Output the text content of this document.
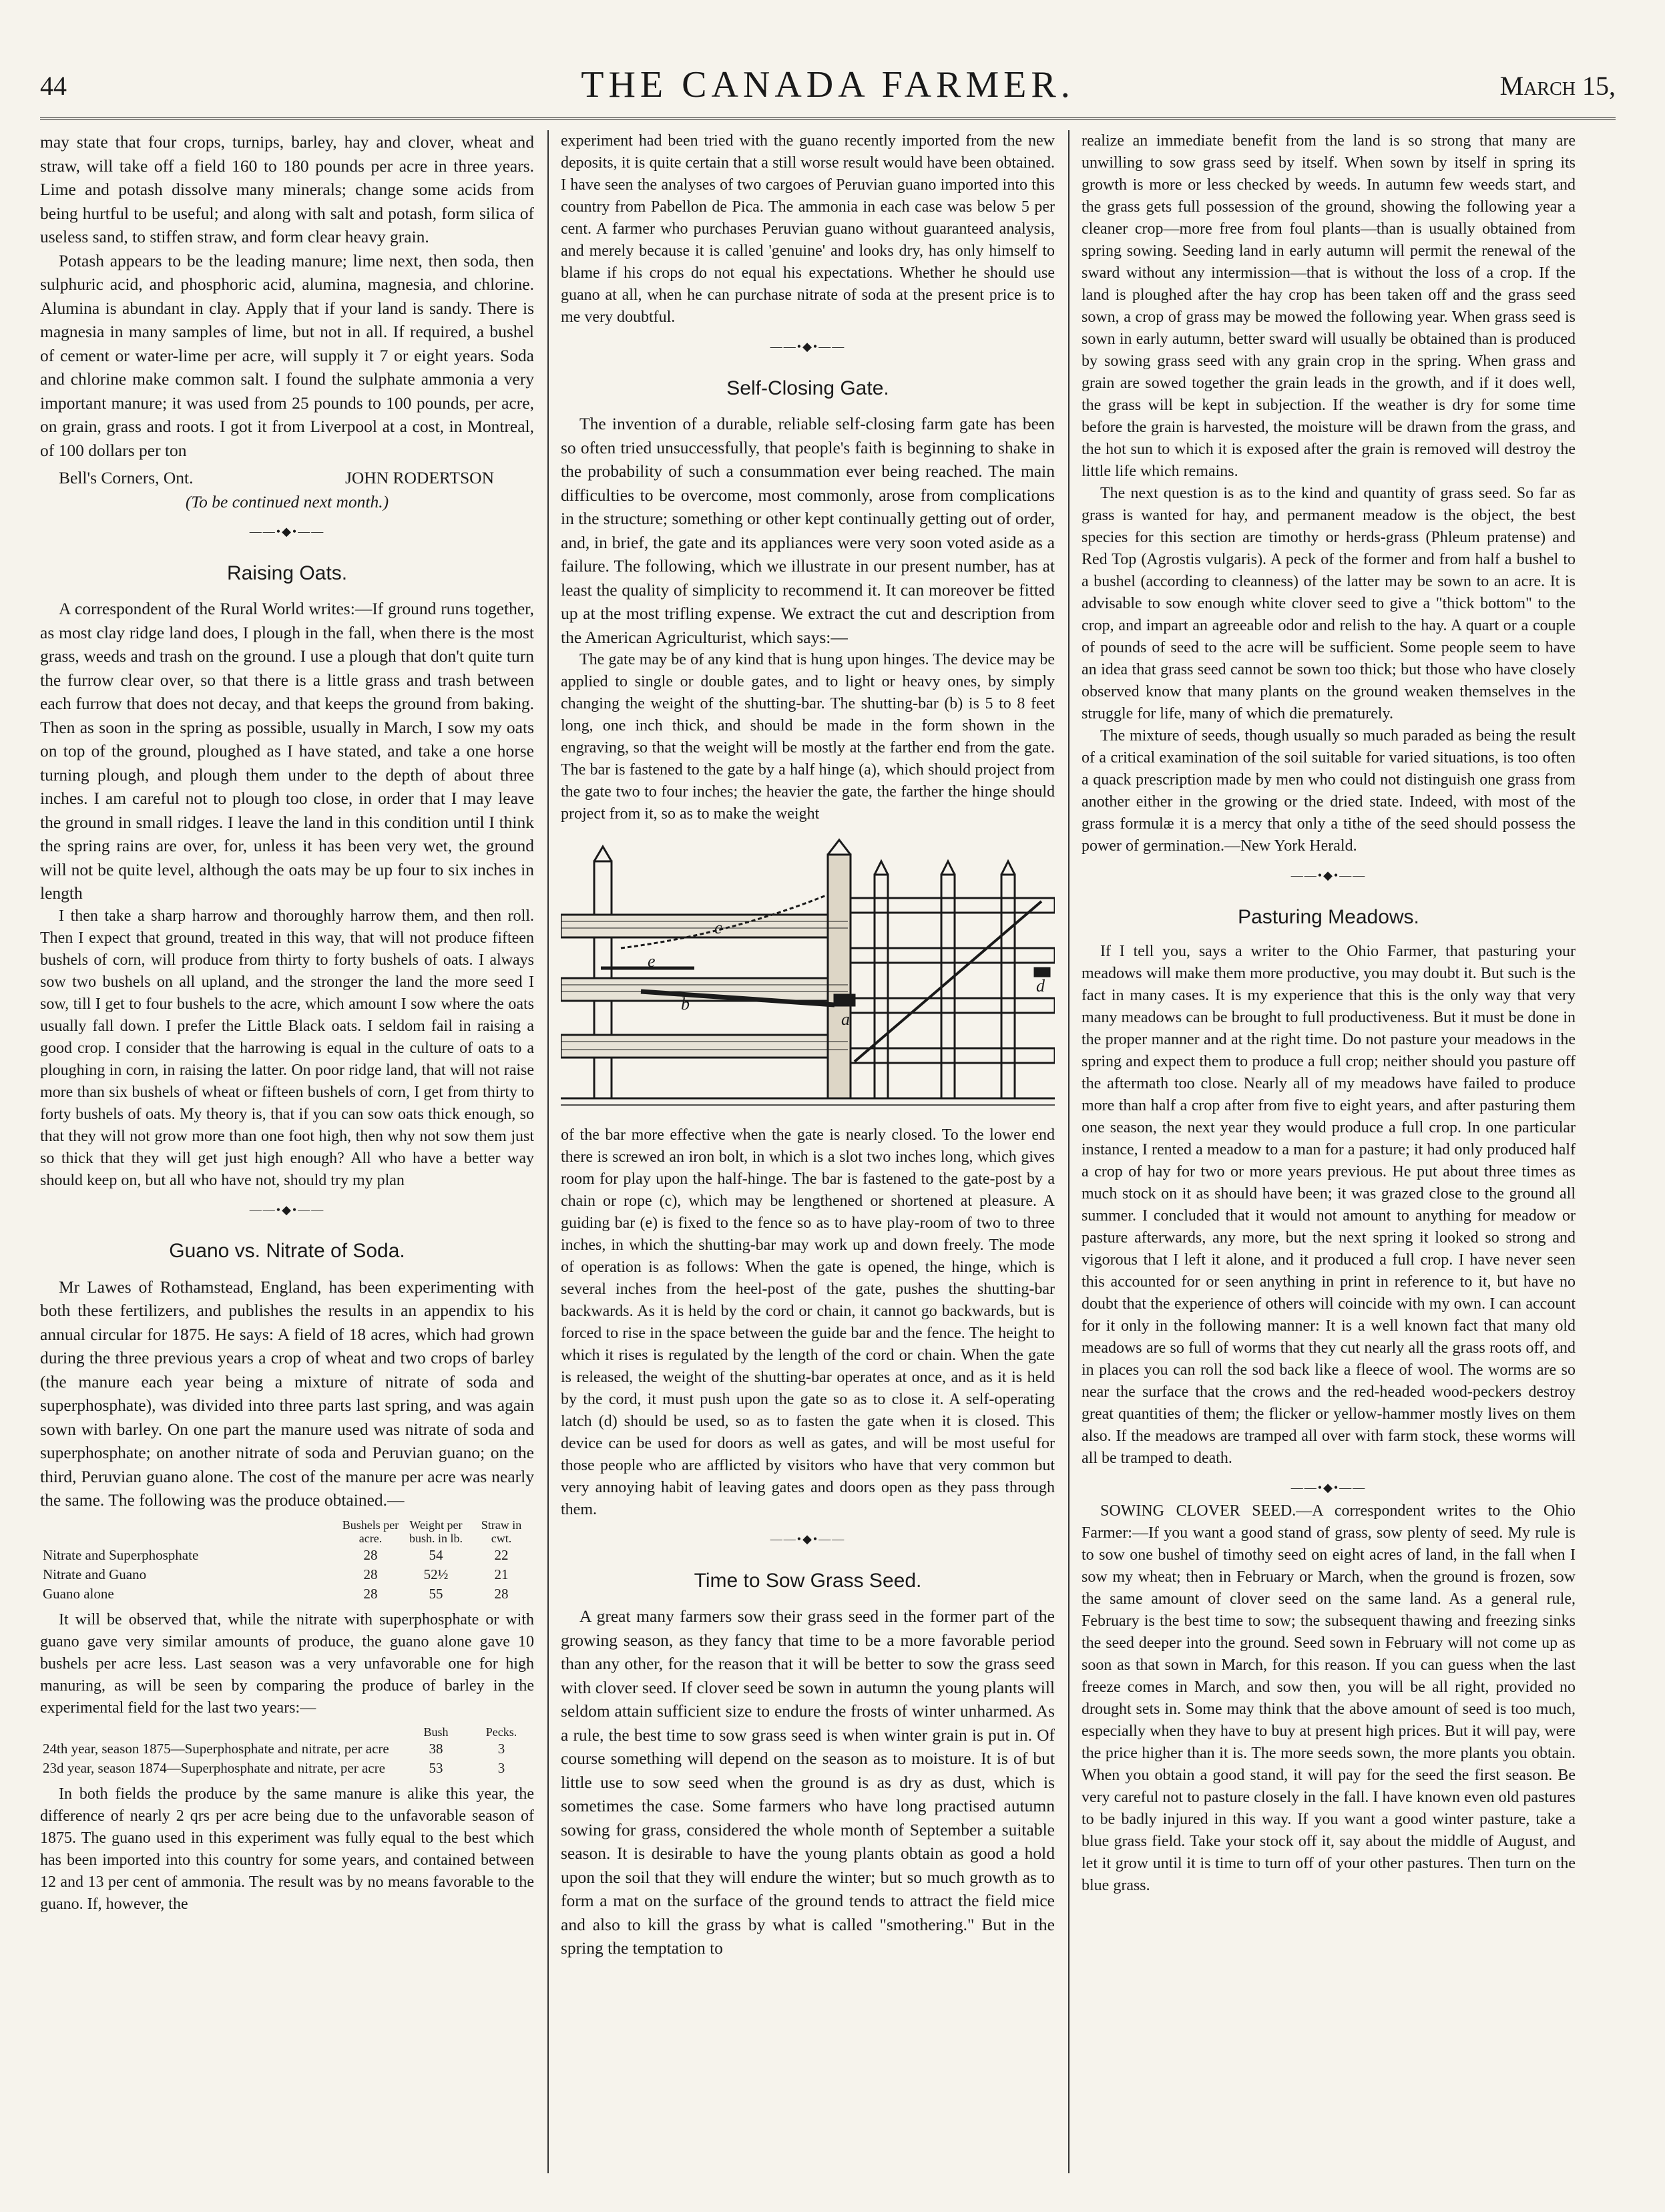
44	THE CANADA FARMER.	March 15,

may state that four crops, turnips, barley, hay and clover, wheat and straw, will take off a field 160 to 180 pounds per acre in three years. Lime and potash dissolve many minerals; change some acids from being hurtful to be useful; and along with salt and potash, form silica of useless sand, to stiffen straw, and form clear heavy grain.

Potash appears to be the leading manure; lime next, then soda, then sulphuric acid, and phosphoric acid, alumina, magnesia, and chlorine. Alumina is abundant in clay. Apply that if your land is sandy. There is magnesia in many samples of lime, but not in all. If required, a bushel of cement or water-lime per acre, will supply it 7 or eight years. Soda and chlorine make common salt. I found the sulphate ammonia a very important manure; it was used from 25 pounds to 100 pounds, per acre, on grain, grass and roots. I got it from Liverpool at a cost, in Montreal, of 100 dollars per ton

Bell's Corners, Ont.	JOHN RODERTSON
(To be continued next month.)
——•◆•——
Raising Oats.

A correspondent of the Rural World writes:—If ground runs together, as most clay ridge land does, I plough in the fall, when there is the most grass, weeds and trash on the ground. I use a plough that don't quite turn the furrow clear over, so that there is a little grass and trash between each furrow that does not decay, and that keeps the ground from baking. Then as soon in the spring as possible, usually in March, I sow my oats on top of the ground, ploughed as I have stated, and take a one horse turning plough, and plough them under to the depth of about three inches. I am careful not to plough too close, in order that I may leave the ground in small ridges. I leave the land in this condition until I think the spring rains are over, for, unless it has been very wet, the ground will not be quite level, although the oats may be up four to six inches in length

I then take a sharp harrow and thoroughly harrow them, and then roll. Then I expect that ground, treated in this way, that will not produce fifteen bushels of corn, will produce from thirty to forty bushels of oats. I always sow two bushels on all upland, and the stronger the land the more seed I sow, till I get to four bushels to the acre, which amount I sow where the oats usually fall down. I prefer the Little Black oats. I seldom fail in raising a good crop. I consider that the harrowing is equal in the culture of oats to a ploughing in corn, in raising the latter. On poor ridge land, that will not raise more than six bushels of wheat or fifteen bushels of corn, I get from thirty to forty bushels of oats. My theory is, that if you can sow oats thick enough, so that they will not grow more than one foot high, then why not sow them just so thick that they will get just high enough? All who have a better way should keep on, but all who have not, should try my plan

——•◆•——
Guano vs. Nitrate of Soda.

Mr Lawes of Rothamstead, England, has been experimenting with both these fertilizers, and publishes the results in an appendix to his annual circular for 1875. He says: A field of 18 acres, which had grown during the three previous years a crop of wheat and two crops of barley (the manure each year being a mixture of nitrate of soda and superphosphate), was divided into three parts last spring, and was again sown with barley. On one part the manure used was nitrate of soda and superphosphate; on another nitrate of soda and Peruvian guano; on the third, Peruvian guano alone. The cost of the manure per acre was nearly the same. The following was the produce obtained.—

	Bushels per acre.	Weight per bush. in lb.	Straw in cwt.
Nitrate and Superphosphate	28	54	22
Nitrate and Guano	28	52½	21
Guano alone	28	55	28

It will be observed that, while the nitrate with superphosphate or with guano gave very similar amounts of produce, the guano alone gave 10 bushels per acre less. Last season was a very unfavorable one for high manuring, as will be seen by comparing the produce of barley in the experimental field for the last two years:—

	Bush	Pecks.
24th year, season 1875—Superphosphate and nitrate, per acre	38	3
23d year, season 1874—Superphosphate and nitrate, per acre	53	3

In both fields the produce by the same manure is alike this year, the difference of nearly 2 qrs per acre being due to the unfavorable season of 1875. The guano used in this experiment was fully equal to the best which has been imported into this country for some years, and contained between 12 and 13 per cent of ammonia. The result was by no means favorable to the guano. If, however, the

experiment had been tried with the guano recently imported from the new deposits, it is quite certain that a still worse result would have been obtained. I have seen the analyses of two cargoes of Peruvian guano imported into this country from Pabellon de Pica. The ammonia in each case was below 5 per cent. A farmer who purchases Peruvian guano without guaranteed analysis, and merely because it is called 'genuine' and looks dry, has only himself to blame if his crops do not equal his expectations. Whether he should use guano at all, when he can purchase nitrate of soda at the present price is to me very doubtful.

——•◆•——
Self-Closing Gate.

The invention of a durable, reliable self-closing farm gate has been so often tried unsuccessfully, that people's faith is beginning to shake in the probability of such a consummation ever being reached. The main difficulties to be overcome, most commonly, arose from complications in the structure; something or other kept continually getting out of order, and, in brief, the gate and its appliances were very soon voted aside as a failure. The following, which we illustrate in our present number, has at least the quality of simplicity to recommend it. It can moreover be fitted up at the most trifling expense. We extract the cut and description from the American Agriculturist, which says:—

The gate may be of any kind that is hung upon hinges. The device may be applied to single or double gates, and to light or heavy ones, by simply changing the weight of the shutting-bar. The shutting-bar (b) is 5 to 8 feet long, one inch thick, and should be made in the form shown in the engraving, so that the weight will be mostly at the farther end from the gate. The bar is fastened to the gate by a half hinge (a), which should project from the gate two to four inches; the heavier the gate, the farther the hinge should project from it, so as to make the weight

c
e
b
a
d

of the bar more effective when the gate is nearly closed. To the lower end there is screwed an iron bolt, in which is a slot two inches long, which gives room for play upon the half-hinge. The bar is fastened to the gate-post by a chain or rope (c), which may be lengthened or shortened at pleasure. A guiding bar (e) is fixed to the fence so as to have play-room of two to three inches, in which the shutting-bar may work up and down freely. The mode of operation is as follows: When the gate is opened, the hinge, which is several inches from the heel-post of the gate, pushes the shutting-bar backwards. As it is held by the cord or chain, it cannot go backwards, but is forced to rise in the space between the guide bar and the fence. The height to which it rises is regulated by the length of the cord or chain. When the gate is released, the weight of the shutting-bar operates at once, and as it is held by the cord, it must push upon the gate so as to close it. A self-operating latch (d) should be used, so as to fasten the gate when it is closed. This device can be used for doors as well as gates, and will be most useful for those people who are afflicted by visitors who have that very common but very annoying habit of leaving gates and doors open as they pass through them.

——•◆•——
Time to Sow Grass Seed.

A great many farmers sow their grass seed in the former part of the growing season, as they fancy that time to be a more favorable period than any other, for the reason that it will be better to sow the grass seed with clover seed. If clover seed be sown in autumn the young plants will seldom attain sufficient size to endure the frosts of winter unharmed. As a rule, the best time to sow grass seed is when winter grain is put in. Of course something will depend on the season as to moisture. It is of but little use to sow seed when the ground is as dry as dust, which is sometimes the case. Some farmers who have long practised autumn sowing for grass, considered the whole month of September a suitable season. It is desirable to have the young plants obtain as good a hold upon the soil that they will endure the winter; but so much growth as to form a mat on the surface of the ground tends to attract the field mice and also to kill the grass by what is called "smothering." But in the spring the temptation to

realize an immediate benefit from the land is so strong that many are unwilling to sow grass seed by itself. When sown by itself in spring its growth is more or less checked by weeds. In autumn few weeds start, and the grass gets full possession of the ground, showing the following year a cleaner crop—more free from foul plants—than is usually obtained from spring sowing. Seeding land in early autumn will permit the renewal of the sward without any intermission—that is without the loss of a crop. If the land is ploughed after the hay crop has been taken off and the grass seed sown, a crop of grass may be mowed the following year. When grass seed is sown in early autumn, better sward will usually be obtained than is produced by sowing grass seed with any grain crop in the spring. When grass and grain are sowed together the grain leads in the growth, and if it does well, the grass will be kept in subjection. If the weather is dry for some time before the grain is harvested, the moisture will be drawn from the grass, and the hot sun to which it is exposed after the grain is removed will destroy the little life which remains.

The next question is as to the kind and quantity of grass seed. So far as grass is wanted for hay, and permanent meadow is the object, the best species for this section are timothy or herds-grass (Phleum pratense) and Red Top (Agrostis vulgaris). A peck of the former and from half a bushel to a bushel (according to cleanness) of the latter may be sown to an acre. It is advisable to sow enough white clover seed to give a "thick bottom" to the crop, and impart an agreeable odor and relish to the hay. A quart or a couple of pounds of seed to the acre will be sufficient. Some people seem to have an idea that grass seed cannot be sown too thick; but those who have closely observed know that many plants on the ground weaken themselves in the struggle for life, many of which die prematurely.

The mixture of seeds, though usually so much paraded as being the result of a critical examination of the soil suitable for varied situations, is too often a quack prescription made by men who could not distinguish one grass from another either in the growing or the dried state. Indeed, with most of the grass formulæ it is a mercy that only a tithe of the seed should possess the power of germination.—New York Herald.

——•◆•——
Pasturing Meadows.

If I tell you, says a writer to the Ohio Farmer, that pasturing your meadows will make them more productive, you may doubt it. But such is the fact in many cases. It is my experience that this is the only way that very many meadows can be brought to full productiveness. But it must be done in the proper manner and at the right time. Do not pasture your meadows in the spring and expect them to produce a full crop; neither should you pasture off the aftermath too close. Nearly all of my meadows have failed to produce more than half a crop after from five to eight years, and after pasturing them one season, the next year they would produce a full crop. In one particular instance, I rented a meadow to a man for a pasture; it had only produced half a crop of hay for two or more years previous. He put about three times as much stock on it as should have been; it was grazed close to the ground all summer. I concluded that it would not amount to anything for meadow or pasture afterwards, any more, but the next spring it looked so strong and vigorous that I left it alone, and it produced a full crop. I have never seen this accounted for or seen anything in print in reference to it, but have no doubt that the experience of others will coincide with my own. I can account for it only in the following manner: It is a well known fact that many old meadows are so full of worms that they cut nearly all the grass roots off, and in places you can roll the sod back like a fleece of wool. The worms are so near the surface that the crows and the red-headed wood-peckers destroy great quantities of them; the flicker or yellow-hammer mostly lives on them also. If the meadows are tramped all over with farm stock, these worms will all be tramped to death.

——•◆•——

SOWING CLOVER SEED.—A correspondent writes to the Ohio Farmer:—If you want a good stand of grass, sow plenty of seed. My rule is to sow one bushel of timothy seed on eight acres of land, in the fall when I sow my wheat; then in February or March, when the ground is frozen, sow the same amount of clover seed on the same land. As a general rule, February is the best time to sow; the subsequent thawing and freezing sinks the seed deeper into the ground. Seed sown in February will not come up as soon as that sown in March, for this reason. If you can guess when the last freeze comes in March, and sow then, you will be all right, provided no drought sets in. Some may think that the above amount of seed is too much, especially when they have to buy at present high prices. But it will pay, were the price higher than it is. The more seeds sown, the more plants you obtain. When you obtain a good stand, it will pay for the seed the first season. Be very careful not to pasture closely in the fall. I have known even old pastures to be badly injured in this way. If you want a good winter pasture, take a blue grass field. Take your stock off it, say about the middle of August, and let it grow until it is time to turn off of your other pastures. Then turn on the blue grass.
